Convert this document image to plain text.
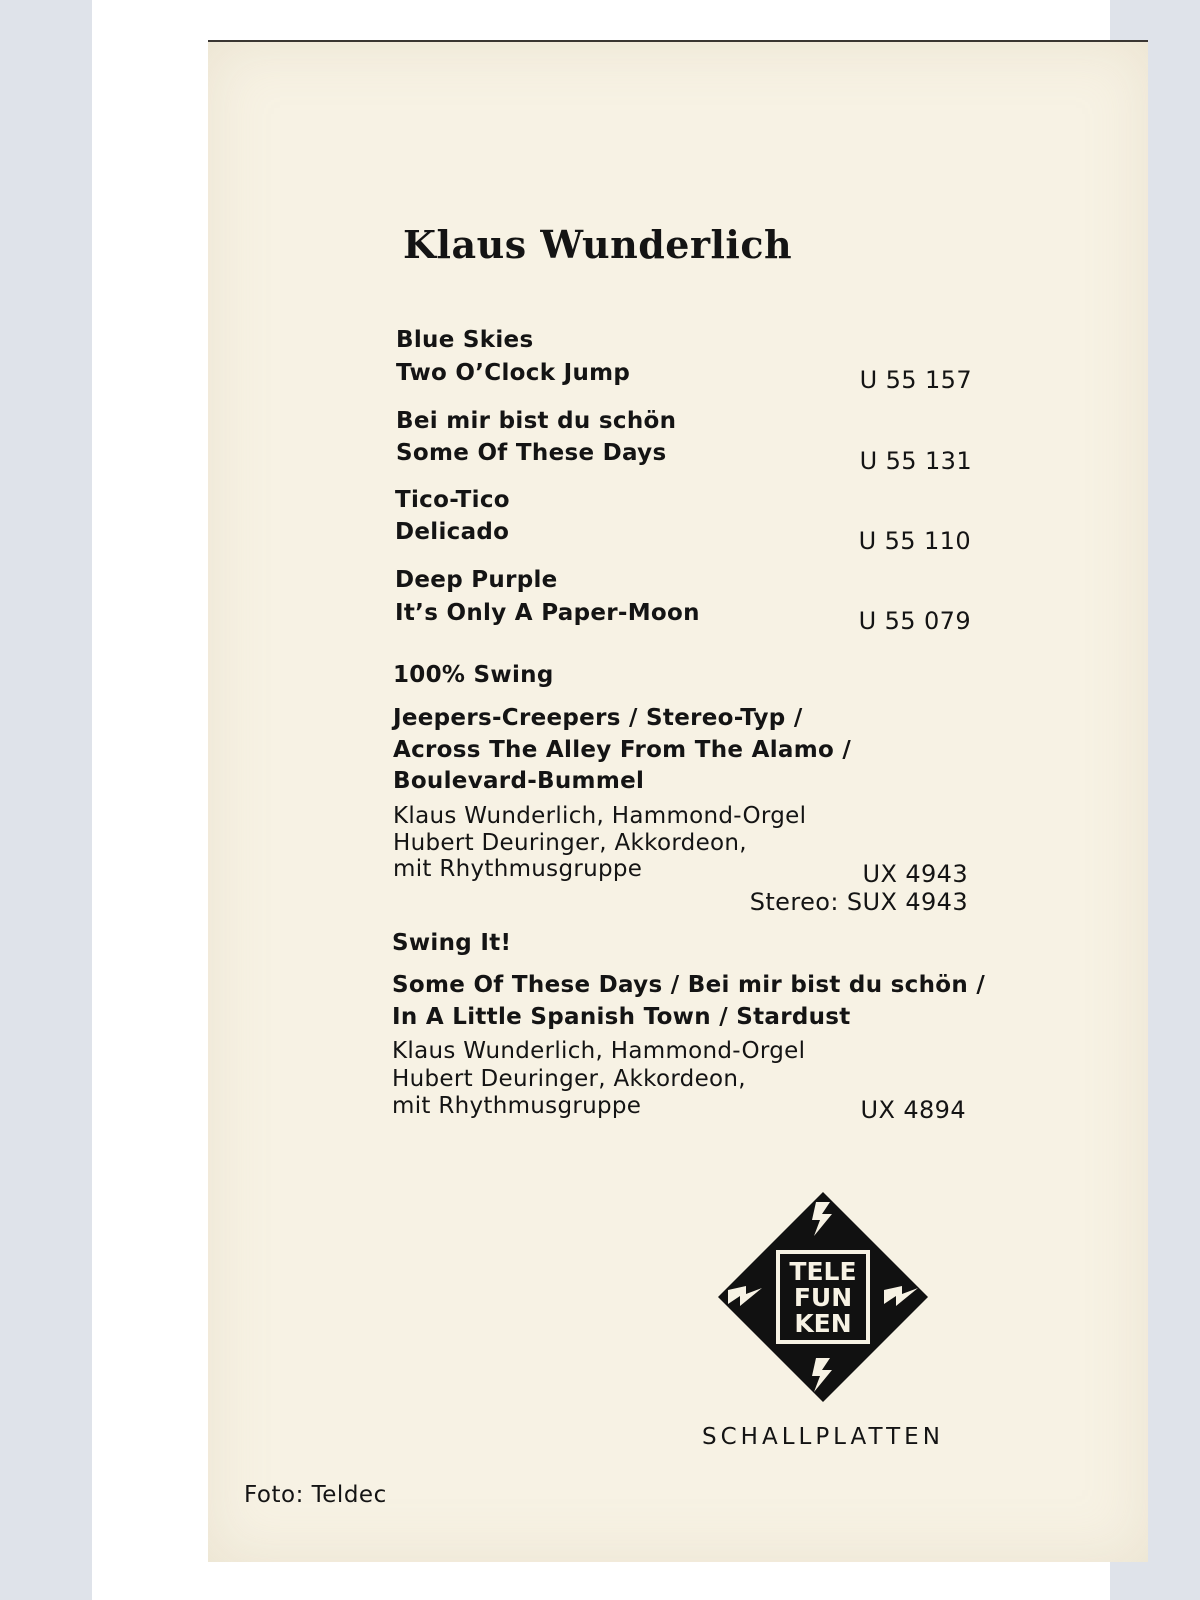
Klaus Wunderlich
Blue Skies
Two O’Clock Jump	U 55 157
Bei mir bist du schön
Some Of These Days	U 55 131
Tico-Tico
Delicado	U 55 110
Deep Purple
It’s Only A Paper-Moon	U 55 079
100% Swing
Jeepers-Creepers / Stereo-Typ /
Across The Alley From The Alamo /
Boulevard-Bummel
Klaus Wunderlich, Hammond-Orgel
Hubert Deuringer, Akkordeon,
mit Rhythmusgruppe	UX 4943
Stereo: SUX 4943
Swing It!
Some Of These Days / Bei mir bist du schön /
In A Little Spanish Town / Stardust
Klaus Wunderlich, Hammond-Orgel
Hubert Deuringer, Akkordeon,
mit Rhythmusgruppe	UX 4894
TELE
FUN
KEN
SCHALLPLATTEN
Foto: Teldec
